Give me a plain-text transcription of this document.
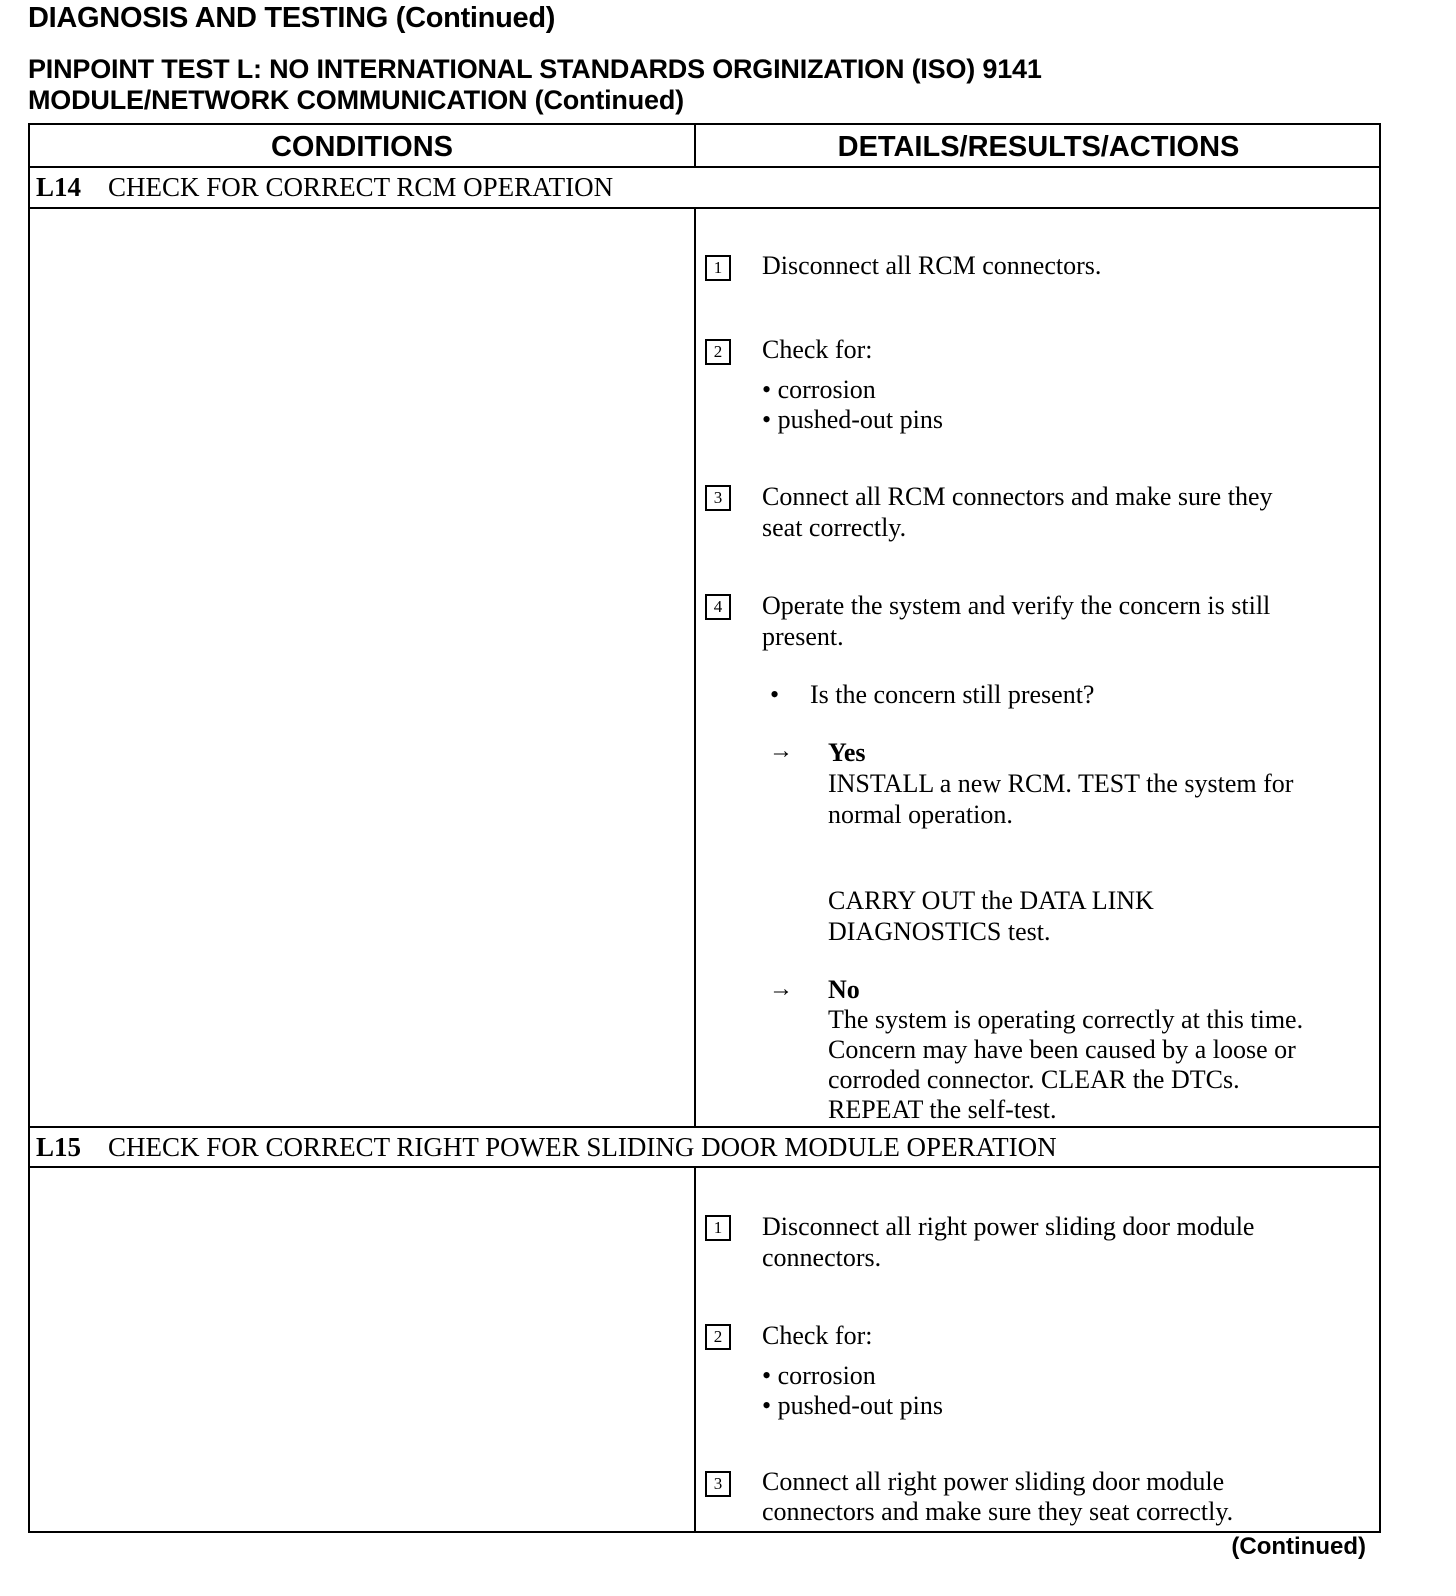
DIAGNOSIS AND TESTING (Continued)
PINPOINT TEST L: NO INTERNATIONAL STANDARDS ORGINIZATION (ISO) 9141
MODULE/NETWORK COMMUNICATION (Continued)
CONDITIONS	DETAILS/RESULTS/ACTIONS
L14 CHECK FOR CORRECT RCM OPERATION
1	Disconnect all RCM connectors.
2	Check for:
• corrosion
• pushed-out pins
3	Connect all RCM connectors and make sure they
seat correctly.
4	Operate the system and verify the concern is still
present.
• Is the concern still present?
→ Yes
INSTALL a new RCM. TEST the system for
normal operation.
CARRY OUT the DATA LINK
DIAGNOSTICS test.
→ No
The system is operating correctly at this time.
Concern may have been caused by a loose or
corroded connector. CLEAR the DTCs.
REPEAT the self-test.
L15 CHECK FOR CORRECT RIGHT POWER SLIDING DOOR MODULE OPERATION
1	Disconnect all right power sliding door module
connectors.
2	Check for:
• corrosion
• pushed-out pins
3	Connect all right power sliding door module
connectors and make sure they seat correctly.
(Continued)
